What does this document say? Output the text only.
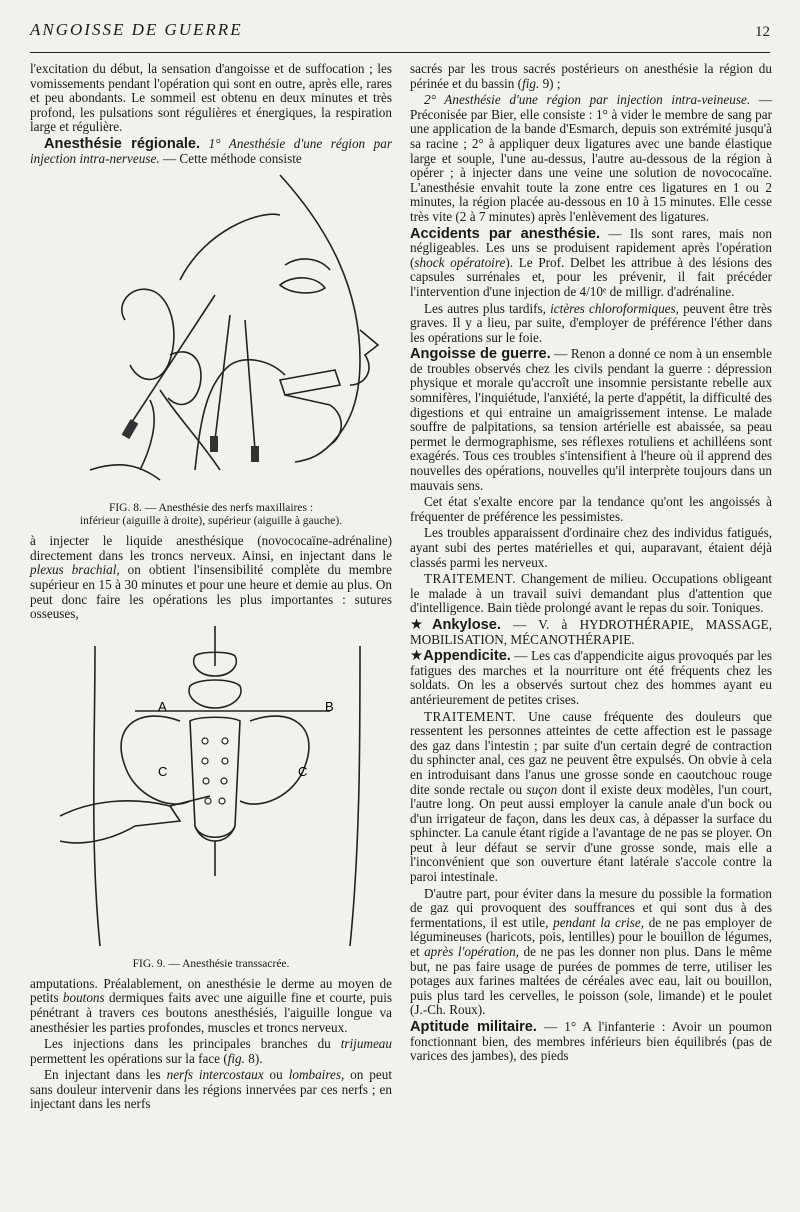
ANGOISSE DE GUERRE	12

l'excitation du début, la sensation d'angoisse et de suffocation ; les vomissements pendant l'opération qui sont en outre, après elle, rares et peu abondants. Le sommeil est obtenu en deux minutes et très profond, les pulsations sont régulières et énergiques, la respiration large et régulière.

Anesthésie régionale. 1° Anesthésie d'une région par injection intra-nerveuse. — Cette méthode consiste

FIG. 8. — Anesthésie des nerfs maxillaires :
inférieur (aiguille à droite), supérieur (aiguille à gauche).

à injecter le liquide anesthésique (novococaïne-adrénaline) directement dans les troncs nerveux. Ainsi, en injectant dans le plexus brachial, on obtient l'insensibilité complète du membre supérieur en 15 à 30 minutes et pour une heure et demie au plus. On peut donc faire les opérations les plus importantes : sutures osseuses,

A	B
C	C
FIG. 9. — Anesthésie transsacrée.

amputations. Préalablement, on anesthésie le derme au moyen de petits boutons dermiques faits avec une aiguille fine et courte, puis pénétrant à travers ces boutons anesthésiés, l'aiguille longue va anesthésier les parties profondes, muscles et troncs nerveux.

Les injections dans les principales branches du trijumeau permettent les opérations sur la face (fig. 8).

En injectant dans les nerfs intercostaux ou lombaires, on peut sans douleur intervenir dans les régions innervées par ces nerfs ; en injectant dans les nerfs

sacrés par les trous sacrés postérieurs on anesthésie la région du périnée et du bassin (fig. 9) ;

2° Anesthésie d'une région par injection intra-veineuse. — Préconisée par Bier, elle consiste : 1° à vider le membre de sang par une application de la bande d'Esmarch, depuis son extrémité jusqu'à sa racine ; 2° à appliquer deux ligatures avec une bande élastique large et souple, l'une au-dessus, l'autre au-dessous de la région à opérer ; à injecter dans une veine une solution de novococaïne. L'anesthésie envahit toute la zone entre ces ligatures en 1 ou 2 minutes, la région placée au-dessous en 10 à 15 minutes. Elle cesse très vite (2 à 7 minutes) après l'enlèvement des ligatures.

Accidents par anesthésie. — Ils sont rares, mais non négligeables. Les uns se produisent rapidement après l'opération (shock opératoire). Le Prof. Delbet les attribue à des lésions des capsules surrénales et, pour les prévenir, il fait précéder l'intervention d'une injection de 4/10ᵉ de milligr. d'adrénaline.

Les autres plus tardifs, ictères chloroformiques, peuvent être très graves. Il y a lieu, par suite, d'employer de préférence l'éther dans les opérations sur le foie.

Angoisse de guerre. — Renon a donné ce nom à un ensemble de troubles observés chez les civils pendant la guerre : dépression physique et morale qu'accroît une insomnie persistante rebelle aux somnifères, l'inquiétude, l'anxiété, la perte d'appétit, la difficulté des digestions et qui entraine un amaigrissement intense. Le malade souffre de palpitations, sa tension artérielle est abaissée, sa peau permet le dermographisme, ses réflexes rotuliens et achilléens sont exagérés. Tous ces troubles s'intensifient à l'heure où il apprend des nouvelles des opérations, nouvelles qu'il interprète toujours dans un mauvais sens.

Cet état s'exalte encore par la tendance qu'ont les angoissés à fréquenter de préférence les pessimistes.

Les troubles apparaissent d'ordinaire chez des individus fatigués, ayant subi des pertes matérielles et qui, auparavant, étaient déjà classés parmi les nerveux.

TRAITEMENT. Changement de milieu. Occupations obligeant le malade à un travail suivi demandant plus d'attention que d'intelligence. Bain tiède prolongé avant le repas du soir. Toniques.

★Ankylose. — V. à HYDROTHÉRAPIE, MASSAGE, MOBILISATION, MÉCANOTHÉRAPIE.

★Appendicite. — Les cas d'appendicite aigus provoqués par les fatigues des marches et la nourriture ont été fréquents chez les soldats. On les a observés surtout chez des hommes ayant eu antérieurement de petites crises.

TRAITEMENT. Une cause fréquente des douleurs que ressentent les personnes atteintes de cette affection est le passage des gaz dans l'intestin ; par suite d'un certain degré de contraction du sphincter anal, ces gaz ne peuvent être expulsés. On obvie à cela en introduisant dans l'anus une grosse sonde en caoutchouc rouge dite sonde rectale ou suçon dont il existe deux modèles, l'un court, l'autre long. On peut aussi employer la canule anale d'un bock ou d'un irrigateur de façon, dans les deux cas, à dépasser la surface du sphincter. La canule étant rigide a l'avantage de ne pas se ployer. On peut à leur défaut se servir d'une grosse sonde, mais elle a l'inconvénient que son ouverture étant latérale s'accole contre la paroi intestinale.

D'autre part, pour éviter dans la mesure du possible la formation de gaz qui provoquent des souffrances et qui sont dus à des fermentations, il est utile, pendant la crise, de ne pas employer de légumineuses (haricots, pois, lentilles) pour le bouillon de légumes, et après l'opération, de ne pas les donner non plus. Dans le même but, ne pas faire usage de purées de pommes de terre, utiliser les potages aux farines maltées de céréales avec eau, lait ou bouillon, puis plus tard les cervelles, le poisson (sole, limande) et le poulet (J.-Ch. Roux).

Aptitude militaire. — 1° A l'infanterie : Avoir un poumon fonctionnant bien, des membres inférieurs bien équilibrés (pas de varices des jambes), des pieds
